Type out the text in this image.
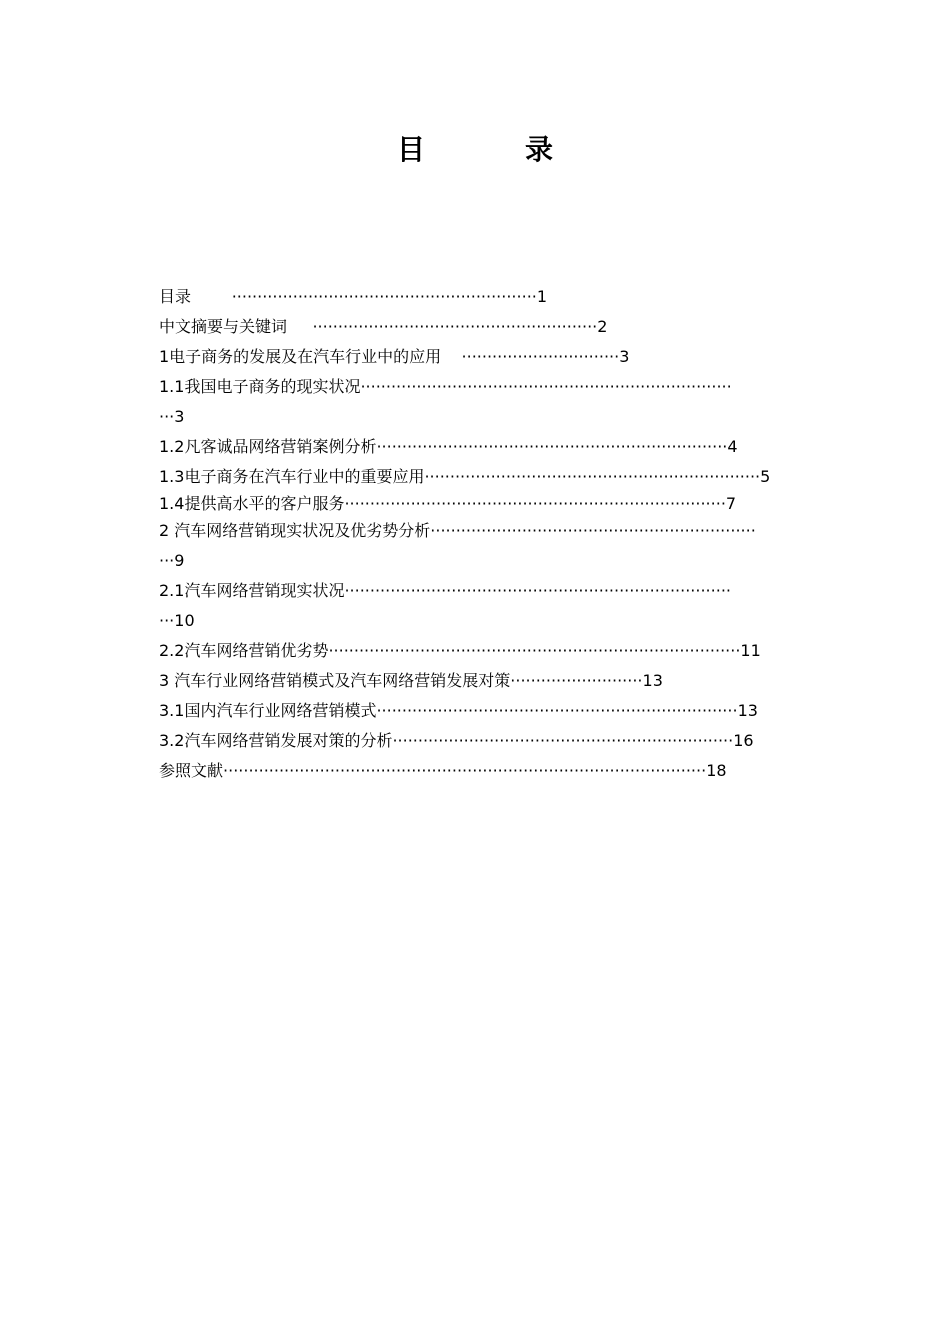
目　录
目录	····························································1
中文摘要与关键词 ························································2
1电子商务的发展及在汽车行业中的应用 ·······························3
1.1我国电子商务的现实状况·········································································
···3
1.2凡客诚品网络营销案例分析·····································································4
1.3电子商务在汽车行业中的重要应用··································································5
1.4提供高水平的客户服务···········································································7
2 汽车网络营销现实状况及优劣势分析································································
···9
2.1汽车网络营销现实状况············································································
···10
2.2汽车网络营销优劣势·················································································11
3 汽车行业网络营销模式及汽车网络营销发展对策··························13
3.1国内汽车行业网络营销模式·······································································13
3.2汽车网络营销发展对策的分析···································································16
参照文献·······························································································18
